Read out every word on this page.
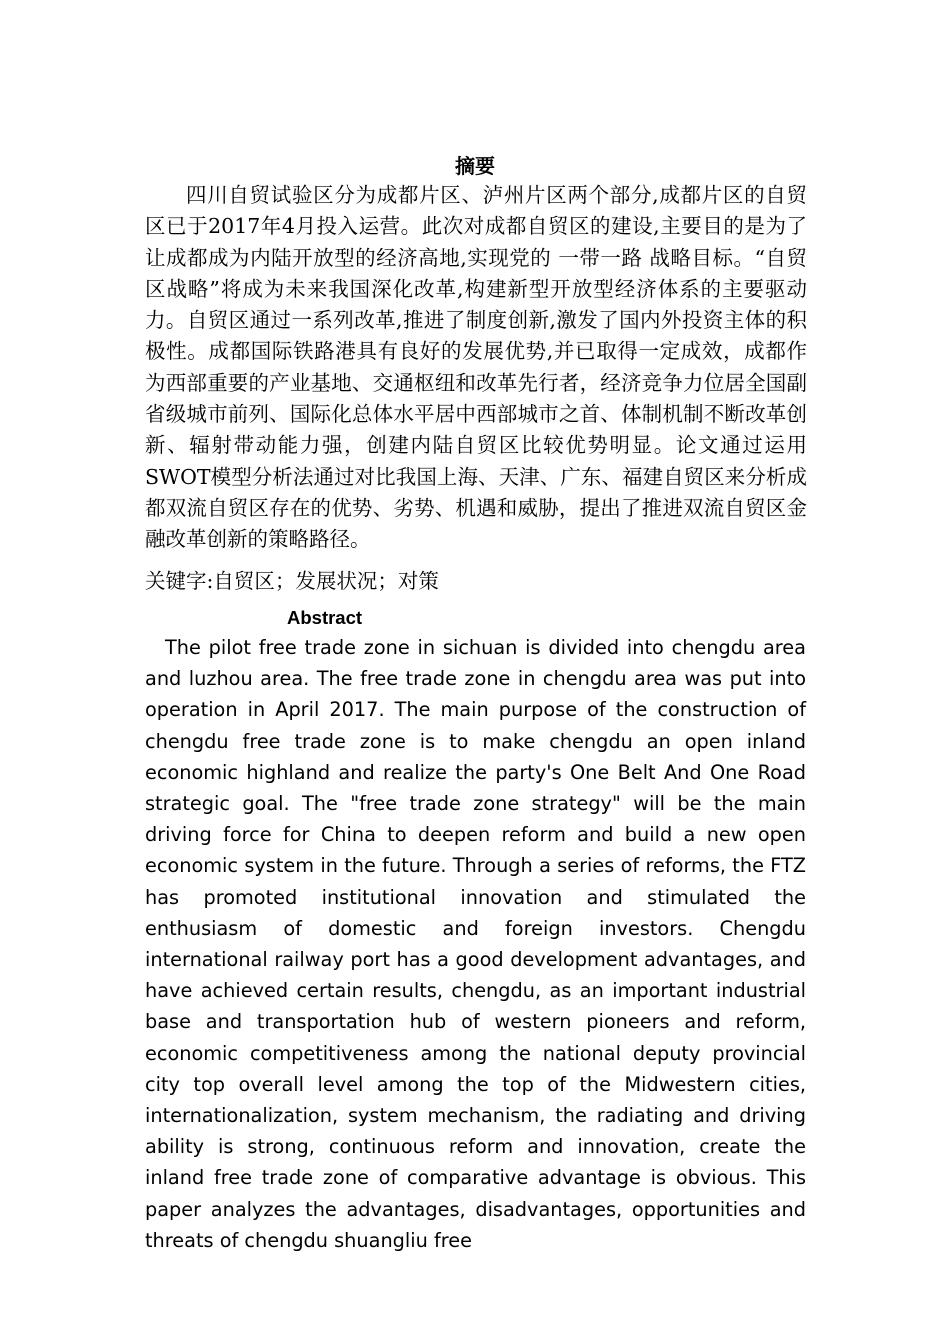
摘要

四川自贸试验区分为成都片区、泸州片区两个部分,成都片区的自贸区已于2017年4月投入运营。此次对成都自贸区的建设,主要目的是为了让成都成为内陆开放型的经济高地,实现党的 一带一路 战略目标。“自贸区战略”将成为未来我国深化改革,构建新型开放型经济体系的主要驱动力。自贸区通过一系列改革,推进了制度创新,激发了国内外投资主体的积极性。成都国际铁路港具有良好的发展优势,并已取得一定成效，成都作为西部重要的产业基地、交通枢纽和改革先行者，经济竞争力位居全国副省级城市前列、国际化总体水平居中西部城市之首、体制机制不断改革创新、辐射带动能力强，创建内陆自贸区比较优势明显。论文通过运用SWOT模型分析法通过对比我国上海、天津、广东、福建自贸区来分析成都双流自贸区存在的优势、劣势、机遇和威胁，提出了推进双流自贸区金融改革创新的策略路径。

关键字:自贸区；发展状况；对策

Abstract

The pilot free trade zone in sichuan is divided into chengdu area and luzhou area. The free trade zone in chengdu area was put into operation in April 2017. The main purpose of the construction of chengdu free trade zone is to make chengdu an open inland economic highland and realize the party's One Belt And One Road strategic goal. The "free trade zone strategy" will be the main driving force for China to deepen reform and build a new open economic system in the future. Through a series of reforms, the FTZ has promoted institutional innovation and stimulated the enthusiasm of domestic and foreign investors. Chengdu international railway port has a good development advantages, and have achieved certain results, chengdu, as an important industrial base and transportation hub of western pioneers and reform, economic competitiveness among the national deputy provincial city top overall level among the top of the Midwestern cities, internationalization, system mechanism, the radiating and driving ability is strong, continuous reform and innovation, create the inland free trade zone of comparative advantage is obvious. This paper analyzes the advantages, disadvantages, opportunities and threats of chengdu shuangliu free
